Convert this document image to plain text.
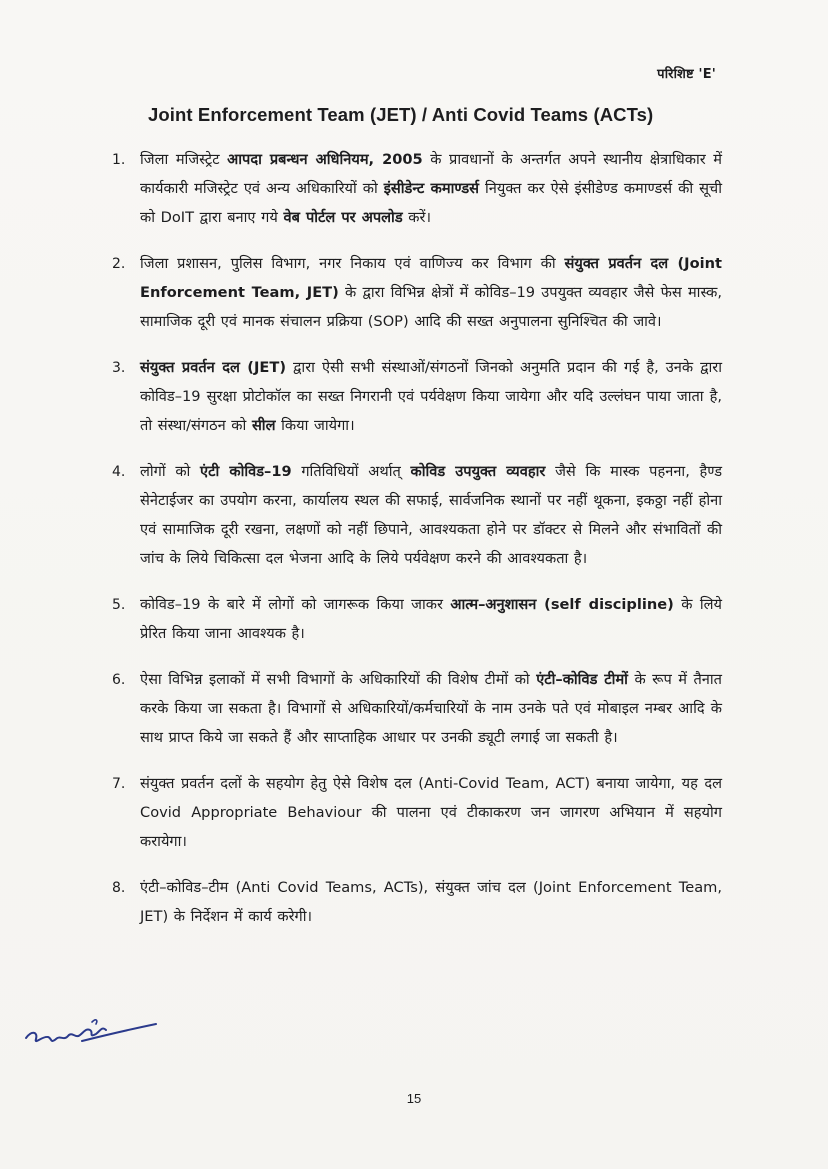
परिशिष्ट 'E'
Joint Enforcement Team (JET) / Anti Covid Teams (ACTs)
1.	जिला मजिस्ट्रेट आपदा प्रबन्धन अधिनियम, 2005 के प्रावधानों के अन्तर्गत अपने स्थानीय क्षेत्राधिकार में कार्यकारी मजिस्ट्रेट एवं अन्य अधिकारियों को इंसीडेन्ट कमाण्डर्स नियुक्त कर ऐसे इंसीडेण्ड कमाण्डर्स की सूची को DoIT द्वारा बनाए गये वेब पोर्टल पर अपलोड करें।
2.	जिला प्रशासन, पुलिस विभाग, नगर निकाय एवं वाणिज्य कर विभाग की संयुक्त प्रवर्तन दल (Joint Enforcement Team, JET) के द्वारा विभिन्न क्षेत्रों में कोविड–19 उपयुक्त व्यवहार जैसे फेस मास्क, सामाजिक दूरी एवं मानक संचालन प्रक्रिया (SOP) आदि की सख्त अनुपालना सुनिश्चित की जावे।
3.	संयुक्त प्रवर्तन दल (JET) द्वारा ऐसी सभी संस्थाओं/संगठनों जिनको अनुमति प्रदान की गई है, उनके द्वारा कोविड–19 सुरक्षा प्रोटोकॉल का सख्त निगरानी एवं पर्यवेक्षण किया जायेगा और यदि उल्लंघन पाया जाता है, तो संस्था/संगठन को सील किया जायेगा।
4.	लोगों को एंटी कोविड–19 गतिविधियों अर्थात् कोविड उपयुक्त व्यवहार जैसे कि मास्क पहनना, हैण्ड सेनेटाईजर का उपयोग करना, कार्यालय स्थल की सफाई, सार्वजनिक स्थानों पर नहीं थूकना, इकठ्ठा नहीं होना एवं सामाजिक दूरी रखना, लक्षणों को नहीं छिपाने, आवश्यकता होने पर डॉक्टर से मिलने और संभावितों की जांच के लिये चिकित्सा दल भेजना आदि के लिये पर्यवेक्षण करने की आवश्यकता है।
5.	कोविड–19 के बारे में लोगों को जागरूक किया जाकर आत्म–अनुशासन (self discipline) के लिये प्रेरित किया जाना आवश्यक है।
6.	ऐसा विभिन्न इलाकों में सभी विभागों के अधिकारियों की विशेष टीमों को एंटी–कोविड टीमों के रूप में तैनात करके किया जा सकता है। विभागों से अधिकारियों/कर्मचारियों के नाम उनके पते एवं मोबाइल नम्बर आदि के साथ प्राप्त किये जा सकते हैं और साप्ताहिक आधार पर उनकी ड्यूटी लगाई जा सकती है।
7.	संयुक्त प्रवर्तन दलों के सहयोग हेतु ऐसे विशेष दल (Anti-Covid Team, ACT) बनाया जायेगा, यह दल Covid Appropriate Behaviour की पालना एवं टीकाकरण जन जागरण अभियान में सहयोग करायेगा।
8.	एंटी–कोविड–टीम (Anti Covid Teams, ACTs), संयुक्त जांच दल (Joint Enforcement Team, JET) के निर्देशन में कार्य करेगी।
15
